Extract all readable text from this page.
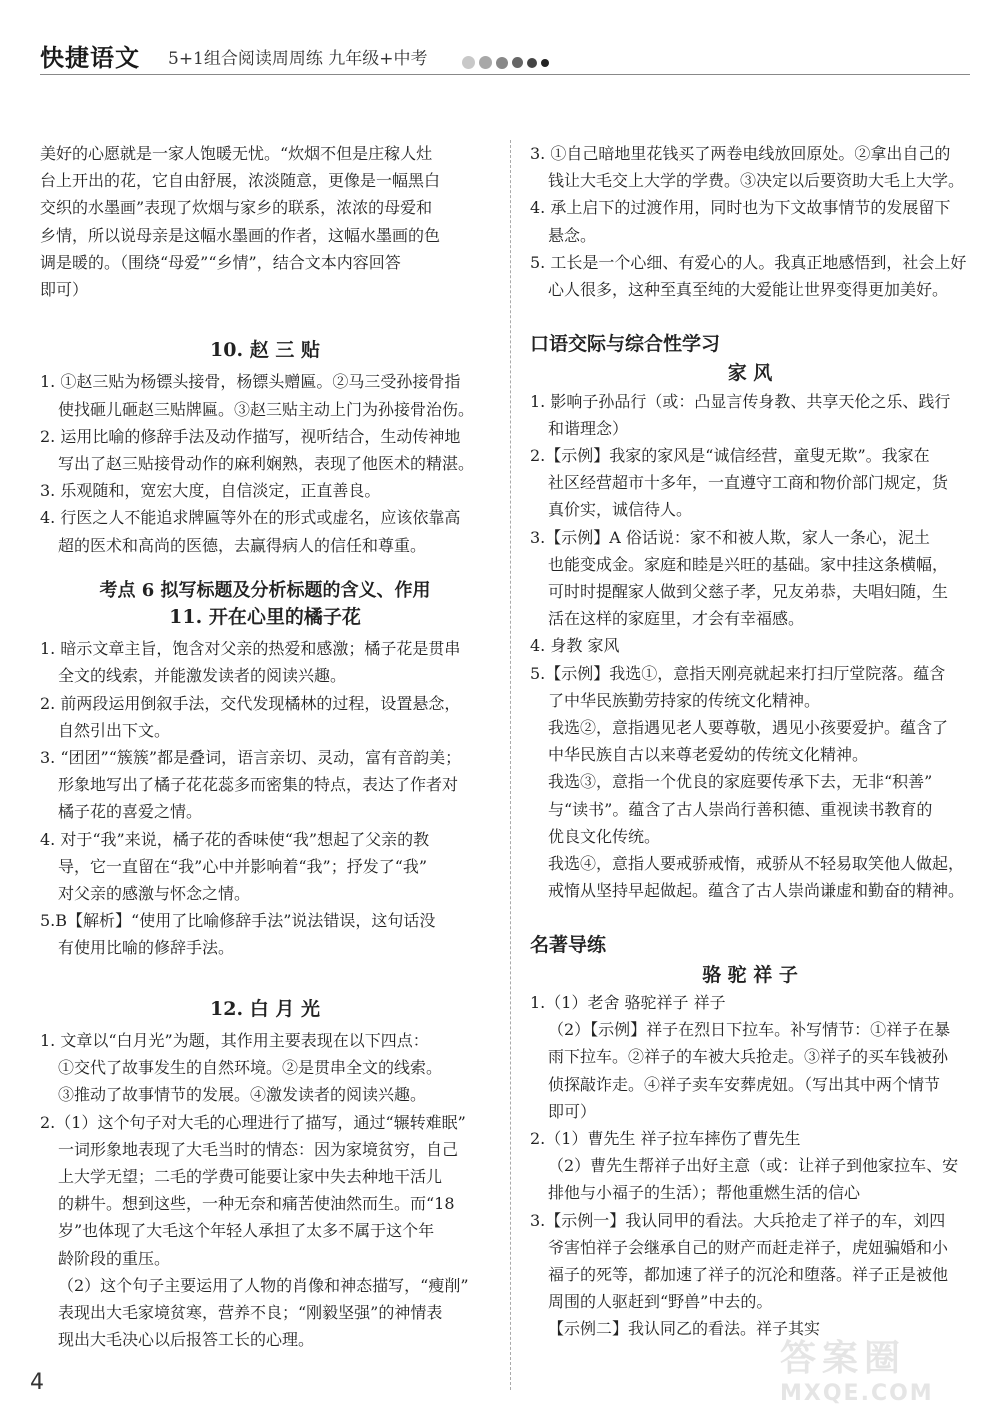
快捷语文 5+1组合阅读周周练 九年级+中考
美好的心愿就是一家人饱暖无忧。“炊烟不但是庄稼人灶
台上开出的花，它自由舒展，浓淡随意，更像是一幅黑白
交织的水墨画”表现了炊烟与家乡的联系，浓浓的母爱和
乡情，所以说母亲是这幅水墨画的作者，这幅水墨画的色
调是暖的。（围绕“母爱”“乡情”，结合文本内容回答
即可）
10. 赵 三 贴
1. ①赵三贴为杨镖头接骨，杨镖头赠匾。②马三受孙接骨指
使找砸儿砸赵三贴牌匾。③赵三贴主动上门为孙接骨治伤。
2. 运用比喻的修辞手法及动作描写，视听结合，生动传神地
写出了赵三贴接骨动作的麻利娴熟，表现了他医术的精湛。
3. 乐观随和，宽宏大度，自信淡定，正直善良。
4. 行医之人不能追求牌匾等外在的形式或虚名，应该依靠高
超的医术和高尚的医德，去赢得病人的信任和尊重。
考点 6 拟写标题及分析标题的含义、作用
11. 开在心里的橘子花
1. 暗示文章主旨，饱含对父亲的热爱和感激；橘子花是贯串
全文的线索，并能激发读者的阅读兴趣。
2. 前两段运用倒叙手法，交代发现橘林的过程，设置悬念，
自然引出下文。
3. “团团”“簇簇”都是叠词，语言亲切、灵动，富有音韵美；
形象地写出了橘子花花蕊多而密集的特点，表达了作者对
橘子花的喜爱之情。
4. 对于“我”来说，橘子花的香味使“我”想起了父亲的教
导，它一直留在“我”心中并影响着“我”；抒发了“我”
对父亲的感激与怀念之情。
5.B【解析】“使用了比喻修辞手法”说法错误，这句话没
有使用比喻的修辞手法。
12. 白 月 光
1. 文章以“白月光”为题，其作用主要表现在以下四点：
①交代了故事发生的自然环境。②是贯串全文的线索。
③推动了故事情节的发展。④激发读者的阅读兴趣。
2.（1）这个句子对大毛的心理进行了描写，通过“辗转难眠”
一词形象地表现了大毛当时的情态：因为家境贫穷，自己
上大学无望；二毛的学费可能要让家中失去种地干活儿
的耕牛。想到这些，一种无奈和痛苦使油然而生。而“18
岁”也体现了大毛这个年轻人承担了太多不属于这个年
龄阶段的重压。
（2）这个句子主要运用了人物的肖像和神态描写，“瘦削”
表现出大毛家境贫寒，营养不良；“刚毅坚强”的神情表
现出大毛决心以后报答工长的心理。
3. ①自己暗地里花钱买了两卷电线放回原处。②拿出自己的
钱让大毛交上大学的学费。③决定以后要资助大毛上大学。
4. 承上启下的过渡作用，同时也为下文故事情节的发展留下
悬念。
5. 工长是一个心细、有爱心的人。我真正地感悟到，社会上好
心人很多，这种至真至纯的大爱能让世界变得更加美好。
口语交际与综合性学习
家 风
1. 影响子孙品行（或：凸显言传身教、共享天伦之乐、践行
和谐理念）
2.【示例】我家的家风是“诚信经营，童叟无欺”。我家在
社区经营超市十多年，一直遵守工商和物价部门规定，货
真价实，诚信待人。
3.【示例】A 俗话说：家不和被人欺，家人一条心，泥土
也能变成金。家庭和睦是兴旺的基础。家中挂这条横幅，
可时时提醒家人做到父慈子孝，兄友弟恭，夫唱妇随，生
活在这样的家庭里，才会有幸福感。
4. 身教 家风
5.【示例】我选①，意指天刚亮就起来打扫厅堂院落。蕴含
了中华民族勤劳持家的传统文化精神。
我选②，意指遇见老人要尊敬，遇见小孩要爱护。蕴含了
中华民族自古以来尊老爱幼的传统文化精神。
我选③，意指一个优良的家庭要传承下去，无非“积善”
与“读书”。蕴含了古人崇尚行善积德、重视读书教育的
优良文化传统。
我选④，意指人要戒骄戒惰，戒骄从不轻易取笑他人做起，
戒惰从坚持早起做起。蕴含了古人崇尚谦虚和勤奋的精神。
名著导练
骆 驼 祥 子
1.（1）老舍 骆驼祥子 祥子
（2）【示例】祥子在烈日下拉车。补写情节：①祥子在暴
雨下拉车。②祥子的车被大兵抢走。③祥子的买车钱被孙
侦探敲诈走。④祥子卖车安葬虎妞。（写出其中两个情节
即可）
2.（1）曹先生 祥子拉车摔伤了曹先生
（2）曹先生帮祥子出好主意（或：让祥子到他家拉车、安
排他与小福子的生活）；帮他重燃生活的信心
3.【示例一】我认同甲的看法。大兵抢走了祥子的车，刘四
爷害怕祥子会继承自己的财产而赶走祥子，虎妞骗婚和小
福子的死等，都加速了祥子的沉沦和堕落。祥子正是被他
周围的人驱赶到“野兽”中去的。
【示例二】我认同乙的看法。祥子其实
4
答案圈
MXQE.COM
